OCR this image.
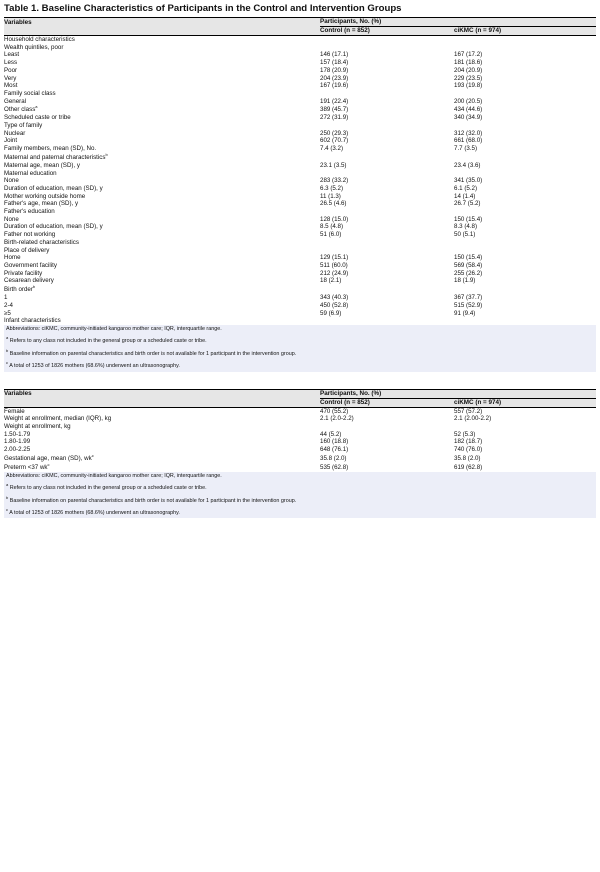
Table 1. Baseline Characteristics of Participants in the Control and Intervention Groups
Variables	Participants, No. (%)	
	Control (n = 852)	ciKMC (n = 974)
Household characteristics		
Wealth quintiles, poor		
Least	146 (17.1)	167 (17.2)
Less	157 (18.4)	181 (18.6)
Poor	178 (20.9)	204 (20.9)
Very	204 (23.9)	229 (23.5)
Most	167 (19.6)	193 (19.8)
Family social class		
General	191 (22.4)	200 (20.5)
Other class$^a$	389 (45.7)	434 (44.6)
Scheduled caste or tribe	272 (31.9)	340 (34.9)
Type of family		
Nuclear	250 (29.3)	312 (32.0)
Joint	602 (70.7)	661 (68.0)
Family members, mean (SD), No.	7.4 (3.2)	7.7 (3.5)
Maternal and paternal characteristics$^b$		
Maternal age, mean (SD), y	23.1 (3.5)	23.4 (3.6)
Maternal education		
None	283 (33.2)	341 (35.0)
Duration of education, mean (SD), y	6.3 (5.2)	6.1 (5.2)
Mother working outside home	11 (1.3)	14 (1.4)
Father's age, mean (SD), y	26.5 (4.6)	26.7 (5.2)
Father's education		
None	128 (15.0)	150 (15.4)
Duration of education, mean (SD), y	8.5 (4.8)	8.3 (4.8)
Father not working	51 (6.0)	50 (5.1)
Birth-related characteristics		
Place of delivery		
Home	129 (15.1)	150 (15.4)
Government facility	511 (60.0)	569 (58.4)
Private facility	212 (24.9)	255 (26.2)
Cesarean delivery	18 (2.1)	18 (1.9)
Birth order$^b$		
1	343 (40.3)	367 (37.7)
2-4	450 (52.8)	515 (52.9)
≥5	59 (6.9)	91 (9.4)
Infant characteristics		
Abbreviations: ciKMC, community-initiated kangaroo mother care; IQR, interquartile range.
$^a$ Refers to any class not included in the general group or a scheduled caste or tribe.
$^b$ Baseline information on parental characteristics and birth order is not available for 1 participant in the intervention group.
$^c$ A total of 1253 of 1826 mothers (68.6%) underwent an ultrasonography.
Variables	Participants, No. (%)	
	Control (n = 852)	ciKMC (n = 974)
Female	470 (55.2)	557 (57.2)
Weight at enrollment, median (IQR), kg	2.1 (2.0-2.2)	2.1 (2.00-2.2)
Weight at enrollment, kg		
1.50-1.79	44 (5.2)	52 (5.3)
1.80-1.99	160 (18.8)	182 (18.7)
2.00-2.25	648 (76.1)	740 (76.0)
Gestational age, mean (SD), $wk^c$	35.8 (2.0)	35.8 (2.0)
Preterm <37 $wk^c$	535 (62.8)	619 (62.8)
Abbreviations: ciKMC, community-initiated kangaroo mother care; IQR, interquartile range.
$^a$ Refers to any class not included in the general group or a scheduled caste or tribe.
$^b$ Baseline information on parental characteristics and birth order is not available for 1 participant in the intervention group.
$^c$ A total of 1253 of 1826 mothers (68.6%) underwent an ultrasonography.
